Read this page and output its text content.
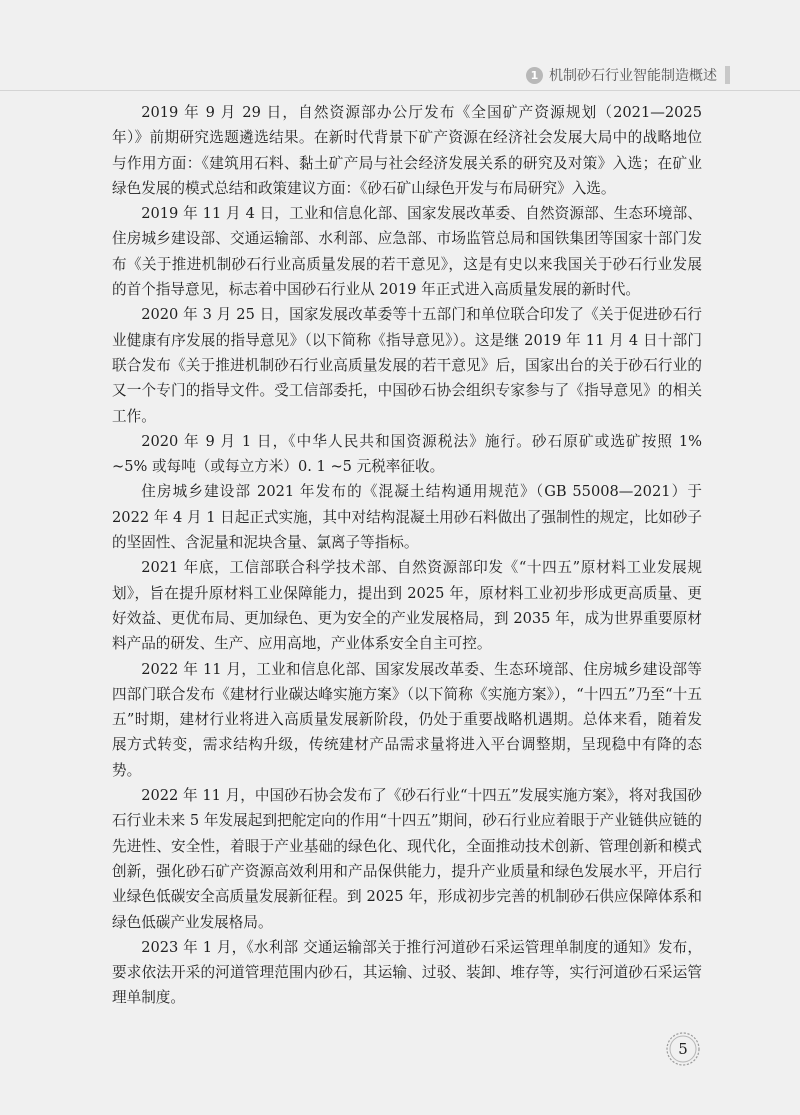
1 机制砂石行业智能制造概述

2019 年 9 月 29 日，自然资源部办公厅发布《全国矿产资源规划（2021—2025 年）》前期研究选题遴选结果。在新时代背景下矿产资源在经济社会发展大局中的战略地位与作用方面：《建筑用石料、黏土矿产局与社会经济发展关系的研究及对策》入选；在矿业绿色发展的模式总结和政策建议方面：《砂石矿山绿色开发与布局研究》入选。

2019 年 11 月 4 日，工业和信息化部、国家发展改革委、自然资源部、生态环境部、住房城乡建设部、交通运输部、水利部、应急部、市场监管总局和国铁集团等国家十部门发布《关于推进机制砂石行业高质量发展的若干意见》，这是有史以来我国关于砂石行业发展的首个指导意见，标志着中国砂石行业从 2019 年正式进入高质量发展的新时代。

2020 年 3 月 25 日，国家发展改革委等十五部门和单位联合印发了《关于促进砂石行业健康有序发展的指导意见》（以下简称《指导意见》）。这是继 2019 年 11 月 4 日十部门联合发布《关于推进机制砂石行业高质量发展的若干意见》后，国家出台的关于砂石行业的又一个专门的指导文件。受工信部委托，中国砂石协会组织专家参与了《指导意见》的相关工作。

2020 年 9 月 1 日，《中华人民共和国资源税法》施行。砂石原矿或选矿按照 1% ~5% 或每吨（或每立方米）0. 1 ~5 元税率征收。

住房城乡建设部 2021 年发布的《混凝土结构通用规范》（GB 55008—2021）于 2022 年 4 月 1 日起正式实施，其中对结构混凝土用砂石料做出了强制性的规定，比如砂子的坚固性、含泥量和泥块含量、氯离子等指标。

2021 年底，工信部联合科学技术部、自然资源部印发《“十四五”原材料工业发展规划》，旨在提升原材料工业保障能力，提出到 2025 年，原材料工业初步形成更高质量、更好效益、更优布局、更加绿色、更为安全的产业发展格局，到 2035 年，成为世界重要原材料产品的研发、生产、应用高地，产业体系安全自主可控。

2022 年 11 月，工业和信息化部、国家发展改革委、生态环境部、住房城乡建设部等四部门联合发布《建材行业碳达峰实施方案》（以下简称《实施方案》），“十四五”乃至“十五五”时期，建材行业将进入高质量发展新阶段，仍处于重要战略机遇期。总体来看，随着发展方式转变，需求结构升级，传统建材产品需求量将进入平台调整期，呈现稳中有降的态势。

2022 年 11 月，中国砂石协会发布了《砂石行业“十四五”发展实施方案》，将对我国砂石行业未来 5 年发展起到把舵定向的作用“十四五”期间，砂石行业应着眼于产业链供应链的先进性、安全性，着眼于产业基础的绿色化、现代化，全面推动技术创新、管理创新和模式创新，强化砂石矿产资源高效利用和产品保供能力，提升产业质量和绿色发展水平，开启行业绿色低碳安全高质量发展新征程。到 2025 年，形成初步完善的机制砂石供应保障体系和绿色低碳产业发展格局。

2023 年 1 月，《水利部 交通运输部关于推行河道砂石采运管理单制度的通知》发布，要求依法开采的河道管理范围内砂石，其运输、过驳、装卸、堆存等，实行河道砂石采运管理单制度。

5
